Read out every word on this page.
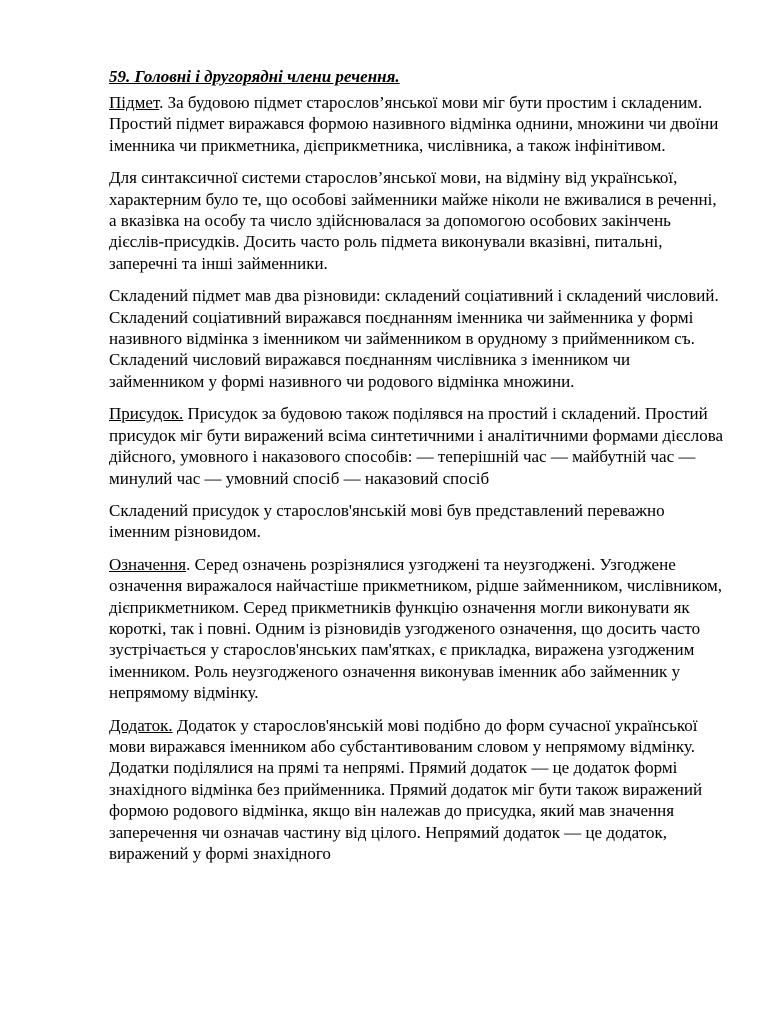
59. Головні і другорядні члени речення.

Підмет. За будовою підмет старослов’янської мови міг бути простим і складеним. Простий підмет виражався формою називного відмінка однини, множини чи двоїни іменника чи прикметника, дієприкметника, числівника, а також інфінітивом.

Для синтаксичної системи старослов’янської мови, на відміну від української, характерним було те, що особові займенники майже ніколи не вживалися в реченні, а вказівка на особу та число здійснювалася за допомогою особових закінчень дієслів-присудків. Досить часто роль підмета виконували вказівні, питальні, заперечні та інші займенники.

Складений підмет мав два різновиди: складений соціативний і складений числовий. Складений соціативний виражався поєднанням іменника чи займенника у формі називного відмінка з іменником чи займенником в орудному з прийменником съ. Складений числовий виражався поєднанням числівника з іменником чи займенником у формі називного чи родового відмінка множини.

Присудок. Присудок за будовою також поділявся на простий і складений. Простий присудок міг бути виражений всіма синтетичними і аналітичними формами дієслова дійсного, умовного і наказового способів: — теперішній час — майбутній час — минулий час — умовний спосіб — наказовий спосіб

Складений присудок у старослов'янській мові був представлений переважно іменним різновидом.

Означення. Серед означень розрізнялися узгоджені та неузгоджені. Узгоджене означення виражалося найчастіше прикметником, рідше займенником, числівником, дієприкметником. Серед прикметників функцію означення могли виконувати як короткі, так і повні. Одним із різновидів узгодженого означення, що досить часто зустрічається у старослов'янських пам'ятках, є прикладка, виражена узгодженим іменником. Роль неузгодженого означення виконував іменник або займенник у непрямому відмінку.

Додаток. Додаток у старослов'янській мові подібно до форм сучасної української мови виражався іменником або субстантивованим словом у непрямому відмінку. Додатки поділялися на прямі та непрямі. Прямий додаток — це додаток формі знахідного відмінка без прийменника. Прямий додаток міг бути також виражений формою родового відмінка, якщо він належав до присудка, який мав значення заперечення чи означав частину від цілого. Непрямий додаток — це додаток, виражений у формі знахідного
